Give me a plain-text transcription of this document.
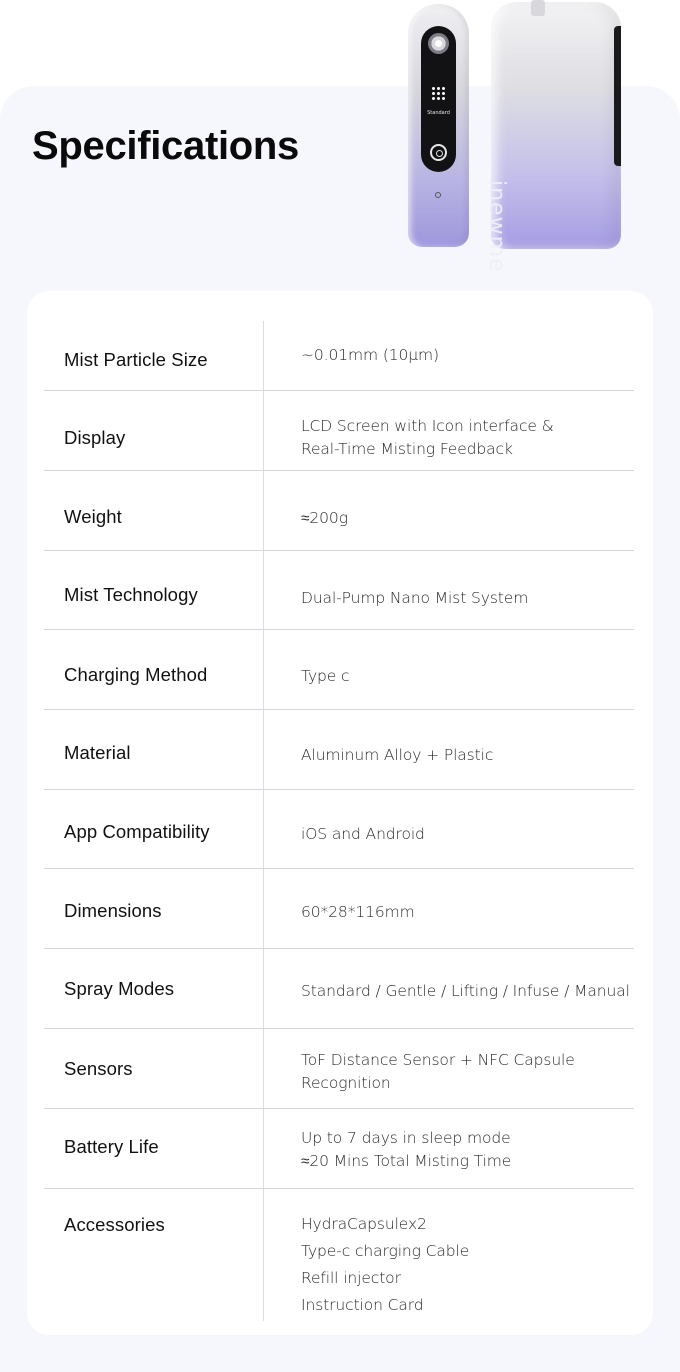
Specifications
Standard
inewme
Mist Particle Size	~0.01mm (10μm)
Display
LCD Screen with Icon interface &
Real-Time Misting Feedback
Weight	≈200g
Mist Technology	Dual-Pump Nano Mist System
Charging Method	Type c
Material	Aluminum Alloy + Plastic
App Compatibility	iOS and Android
Dimensions	60*28*116mm
Spray Modes	Standard / Gentle / Lifting / Infuse / Manual
Sensors	ToF Distance Sensor + NFC Capsule
Recognition
Battery Life	Up to 7 days in sleep mode
≈20 Mins Total Misting Time
Accessories	HydraCapsulex2
Type-c charging Cable
Refill injector
Instruction Card
